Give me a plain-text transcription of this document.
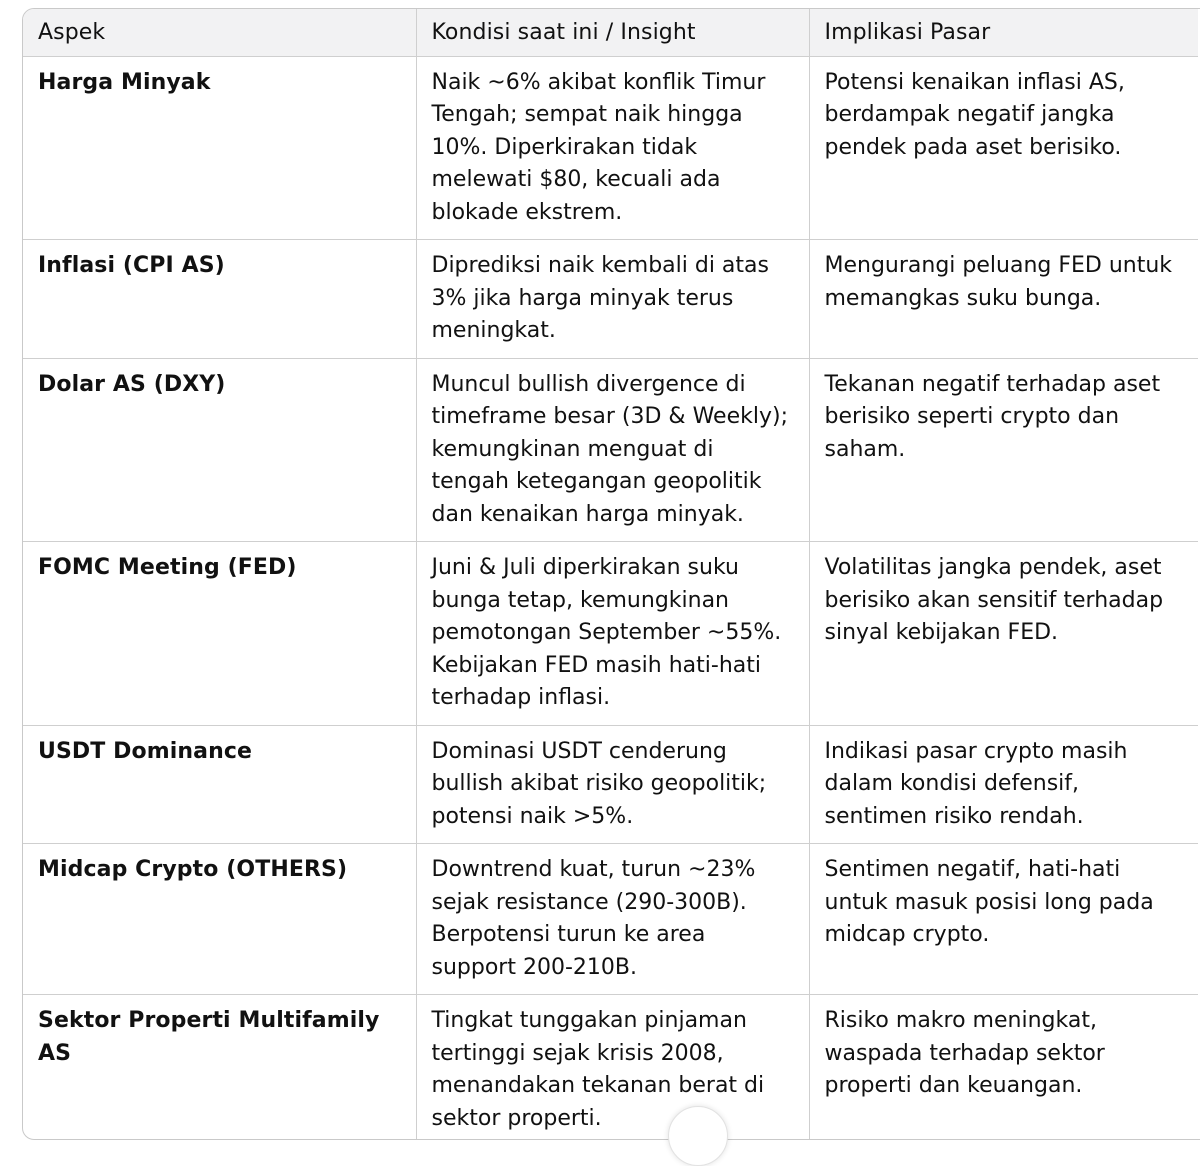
Aspek	Kondisi saat ini / Insight	Implikasi Pasar
Harga Minyak	Naik ~6% akibat konflik Timur Tengah; sempat naik hingga 10%. Diperkirakan tidak melewati $80, kecuali ada blokade ekstrem.	Potensi kenaikan inflasi AS, berdampak negatif jangka pendek pada aset berisiko.
Inflasi (CPI AS)	Diprediksi naik kembali di atas 3% jika harga minyak terus meningkat.	Mengurangi peluang FED untuk memangkas suku bunga.
Dolar AS (DXY)	Muncul bullish divergence di timeframe besar (3D & Weekly); kemungkinan menguat di tengah ketegangan geopolitik dan kenaikan harga minyak.	Tekanan negatif terhadap aset berisiko seperti crypto dan saham.
FOMC Meeting (FED)	Juni & Juli diperkirakan suku bunga tetap, kemungkinan pemotongan September ~55%. Kebijakan FED masih hati-hati terhadap inflasi.	Volatilitas jangka pendek, aset berisiko akan sensitif terhadap sinyal kebijakan FED.
USDT Dominance	Dominasi USDT cenderung bullish akibat risiko geopolitik; potensi naik >5%.	Indikasi pasar crypto masih dalam kondisi defensif, sentimen risiko rendah.
Midcap Crypto (OTHERS)	Downtrend kuat, turun ~23% sejak resistance (290-300B). Berpotensi turun ke area support 200-210B.	Sentimen negatif, hati-hati untuk masuk posisi long pada midcap crypto.
Sektor Properti Multifamily AS	Tingkat tunggakan pinjaman tertinggi sejak krisis 2008, menandakan tekanan berat di sektor properti.	Risiko makro meningkat, waspada terhadap sektor properti dan keuangan.
